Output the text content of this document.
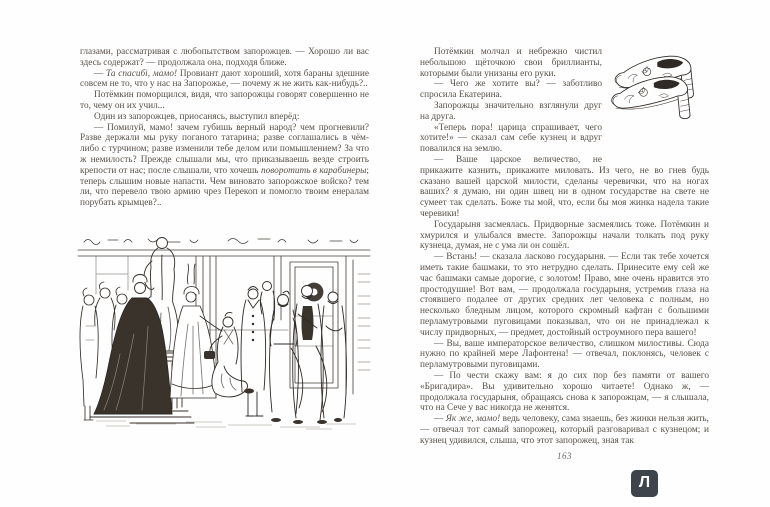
глазами, рассматривая с любопытством запорожцев. — Хорошо ли вас здесь содержат? — продолжала она, подходя ближе.

— Та спасибі, мамо! Провиант дают хороший, хотя бараны здешние совсем не то, что у нас на Запорожье, — почему ж не жить как-нибудь?..

Потёмкин поморщился, видя, что запорожцы говорят совершенно не то, чему он их учил...

Один из запорожцев, приосанясь, выступил вперёд:

— Помилуй, мамо! зачем губишь верный народ? чем прогневили? Разве держали мы руку поганого татарина; разве соглашались в чём-либо с турчином; разве изменили тебе делом или помышлением? За что ж немилость? Прежде слышали мы, что приказываешь везде строить крепости от нас; после слышали, что хочешь поворотить в карабинеры; теперь слышим новые напасти. Чем виновато запорожское войско? тем ли, что перевело твою армию чрез Перекоп и помогло твоим енералам порубать крымцев?..

Потёмкин молчал и небрежно чистил небольшою щёточкою свои бриллианты, которыми были унизаны его руки.

— Чего же хотите вы? — заботливо спросила Екатерина.

Запорожцы значительно взглянули друг на друга.

«Теперь пора! царица спрашивает, чего хотите!» — сказал сам себе кузнец и вдруг повалился на землю.

— Ваше царское величество, не прикажите казнить, прикажите миловать. Из чего, не во гнев будь сказано вашей царской милости, сделаны черевички, что на ногах ваших? я думаю, ни один швец ни в одном государстве на свете не сумеет так сделать. Боже ты мой, что, если бы моя жинка надела такие черевики!

Государыня засмеялась. Придворные засмеялись тоже. Потёмкин и хмурился и улыбался вместе. Запорожцы начали толкать под руку кузнеца, думая, не с ума ли он сошёл.

— Встань! — сказала ласково государыня. — Если так тебе хочется иметь такие башмаки, то это нетрудно сделать. Принесите ему сей же час башмаки самые дорогие, с золотом! Право, мне очень нравится это простодушие! Вот вам, — продолжала государыня, устремив глаза на стоявшего подалее от других средних лет человека с полным, но несколько бледным лицом, которого скромный кафтан с большими перламутровыми пуговицами показывал, что он не принадлежал к числу придворных, — предмет, достойный остроумного пера вашего!

— Вы, ваше императорское величество, слишком милостивы. Сюда нужно по крайней мере Лафонтена! — отвечал, поклонясь, человек с перламутровыми пуговицами.

— По чести скажу вам: я до сих пор без памяти от вашего «Бригадира». Вы удивительно хорошо читаете! Однако ж, — продолжала государыня, обращаясь снова к запорожцам, — я слышала, что на Сече у вас никогда не женятся.

— Як же, мамо! ведь человеку, сама знаешь, без жинки нельзя жить, — отвечал тот самый запорожец, который разговаривал с кузнецом; и кузнец удивился, слыша, что этот запорожец, зная так

163
Л
